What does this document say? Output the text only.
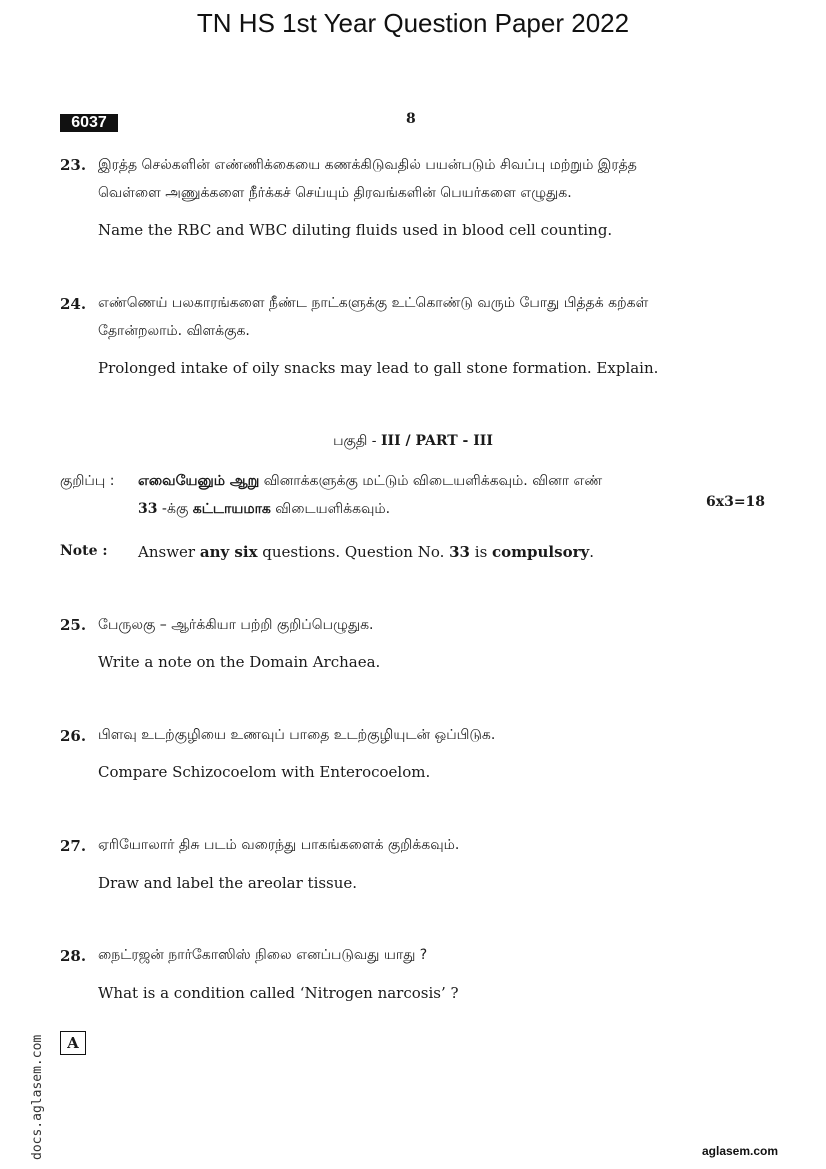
TN HS 1st Year Question Paper 2022
6037	8
23. இரத்த செல்களின் எண்ணிக்கையை கணக்கிடுவதில் பயன்படும் சிவப்பு மற்றும் இரத்த
வெள்ளை அணுக்களை நீர்க்கச் செய்யும் திரவங்களின் பெயர்களை எழுதுக.
Name the RBC and WBC diluting fluids used in blood cell counting.
24. எண்ணெய் பலகாரங்களை நீண்ட நாட்களுக்கு உட்கொண்டு வரும் போது பித்தக் கற்கள்
தோன்றலாம். விளக்குக.
Prolonged intake of oily snacks may lead to gall stone formation. Explain.
பகுதி - III / PART - III
குறிப்பு : எவையேனும் ஆறு வினாக்களுக்கு மட்டும் விடையளிக்கவும். வினா எண்
33 -க்கு கட்டாயமாக விடையளிக்கவும்.	6x3=18
Note : Answer any six questions. Question No. 33 is compulsory.
25. பேருலகு – ஆர்க்கியா பற்றி குறிப்பெழுதுக.
Write a note on the Domain Archaea.
26. பிளவு உடற்குழியை உணவுப் பாதை உடற்குழியுடன் ஒப்பிடுக.
Compare Schizocoelom with Enterocoelom.
27. ஏரியோலார் திசு படம் வரைந்து பாகங்களைக் குறிக்கவும்.
Draw and label the areolar tissue.
28. நைட்ரஜன் நார்கோஸிஸ் நிலை எனப்படுவது யாது ?
What is a condition called ‘Nitrogen narcosis’ ?
A
docs.aglasem.com	aglasem.com
